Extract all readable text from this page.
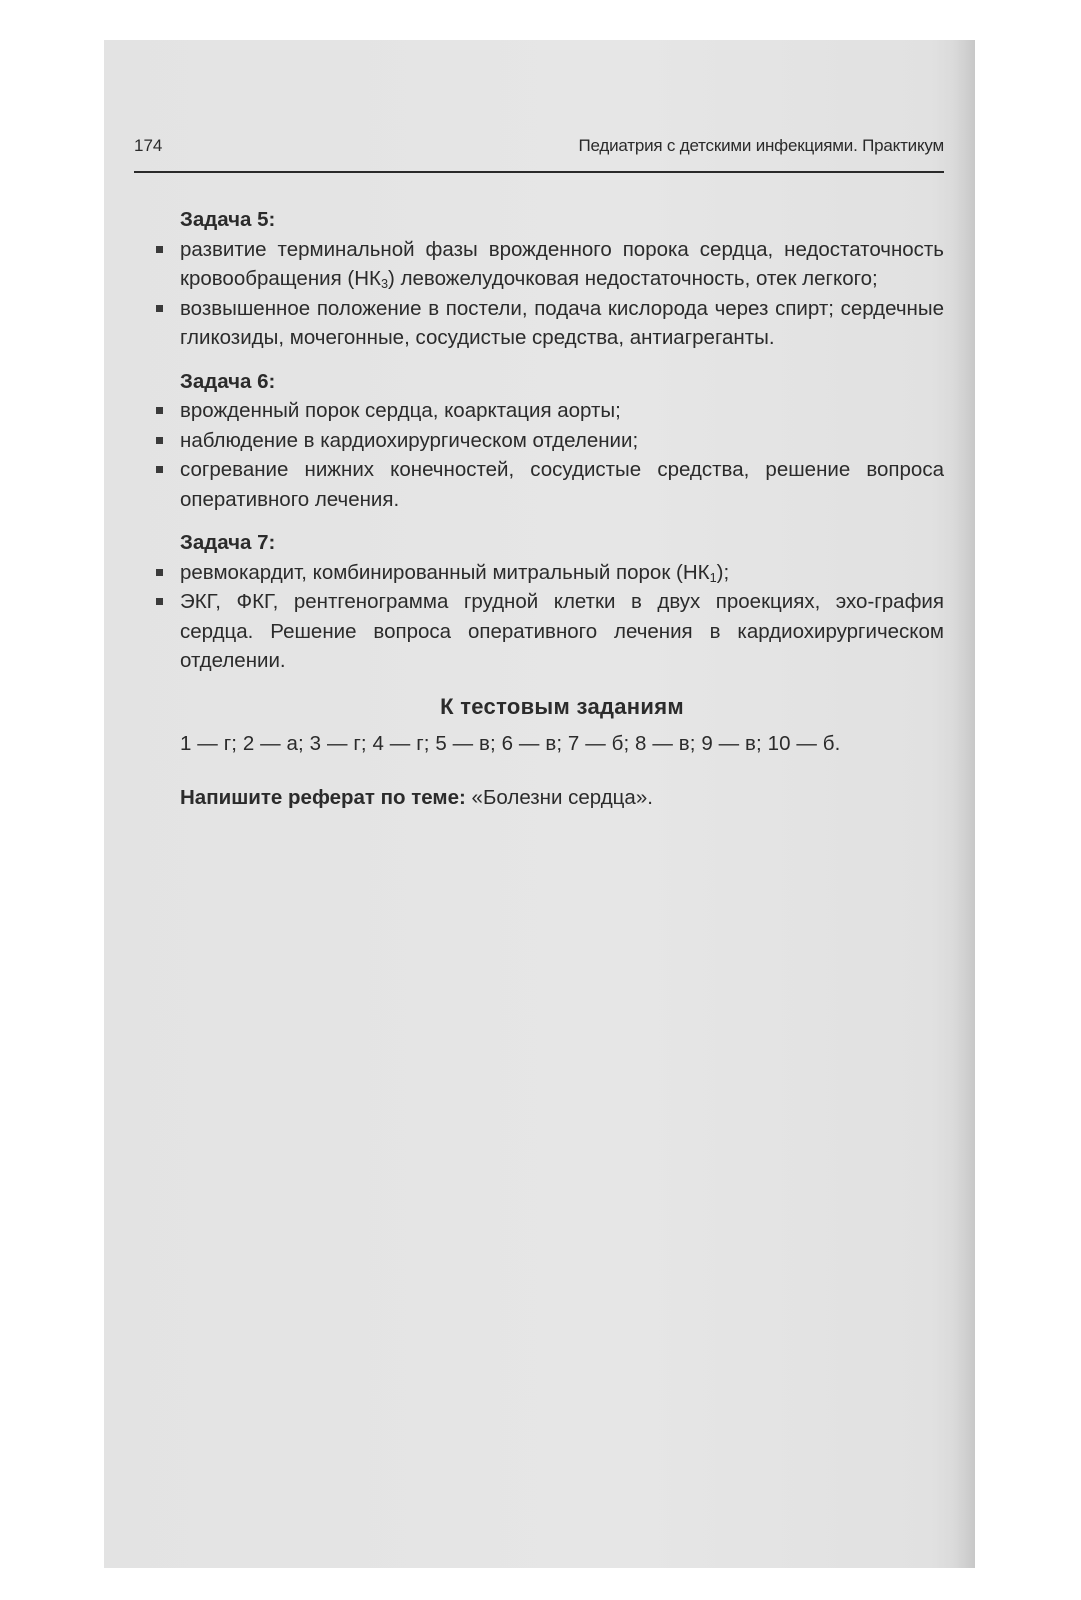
174	Педиатрия с детскими инфекциями. Практикум

Задача 5:

развитие терминальной фазы врожденного порока сердца, недостаточность кровообращения $(НК_3)$ левожелудочковая недостаточность, отек легкого;
возвышенное положение в постели, подача кислорода через спирт; сердечные гликозиды, мочегонные, сосудистые средства, антиагреганты.

Задача 6:

врожденный порок сердца, коарктация аорты;
наблюдение в кардиохирургическом отделении;
согревание нижних конечностей, сосудистые средства, решение вопроса оперативного лечения.

Задача 7:

ревмокардит, комбинированный митральный порок $(НК_1)$;
ЭКГ, ФКГ, рентгенограмма грудной клетки в двух проекциях, эхо-графия сердца. Решение вопроса оперативного лечения в кардиохирургическом отделении.

К тестовым заданиям

1 — г; 2 — а; 3 — г; 4 — г; 5 — в; 6 — в; 7 — б; 8 — в; 9 — в; 10 — б.

Напишите реферат по теме: «Болезни сердца».
